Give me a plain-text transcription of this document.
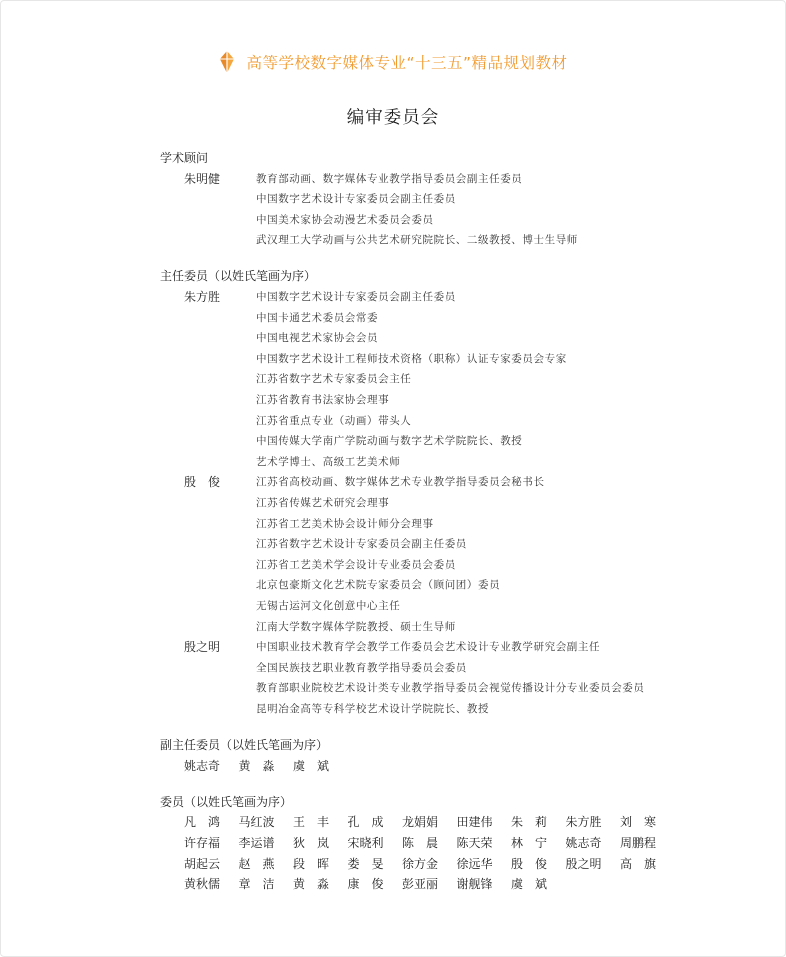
高等学校数字媒体专业“十三五”精品规划教材
编审委员会
学术顾问
朱明健	教育部动画、数字媒体专业教学指导委员会副主任委员
中国数字艺术设计专家委员会副主任委员
中国美术家协会动漫艺术委员会委员
武汉理工大学动画与公共艺术研究院院长、二级教授、博士生导师
主任委员（以姓氏笔画为序）
朱方胜	中国数字艺术设计专家委员会副主任委员
中国卡通艺术委员会常委
中国电视艺术家协会会员
中国数字艺术设计工程师技术资格（职称）认证专家委员会专家
江苏省数字艺术专家委员会主任
江苏省教育书法家协会理事
江苏省重点专业（动画）带头人
中国传媒大学南广学院动画与数字艺术学院院长、教授
艺术学博士、高级工艺美术师
殷　俊	江苏省高校动画、数字媒体艺术专业教学指导委员会秘书长
江苏省传媒艺术研究会理事
江苏省工艺美术协会设计师分会理事
江苏省数字艺术设计专家委员会副主任委员
江苏省工艺美术学会设计专业委员会委员
北京包豪斯文化艺术院专家委员会（顾问团）委员
无锡古运河文化创意中心主任
江南大学数字媒体学院教授、硕士生导师
殷之明	中国职业技术教育学会教学工作委员会艺术设计专业教学研究会副主任
全国民族技艺职业教育教学指导委员会委员
教育部职业院校艺术设计类专业教学指导委员会视觉传播设计分专业委员会委员
昆明冶金高等专科学校艺术设计学院院长、教授
副主任委员（以姓氏笔画为序）
姚志奇	黄　淼	虞　斌
委员（以姓氏笔画为序）
凡　鸿	马红波	王　丰	孔　成	龙娟娟	田建伟	朱　莉	朱方胜	刘　寒
许存福	李运谱	狄　岚	宋晓利	陈　晨	陈天荣	林　宁	姚志奇	周鹏程
胡起云	赵　燕	段　晖	娄　旻	徐方金	徐远华	殷　俊	殷之明	高　旗
黄秋儒	章　洁	黄　淼	康　俊	彭亚丽	谢舰锋	虞　斌
